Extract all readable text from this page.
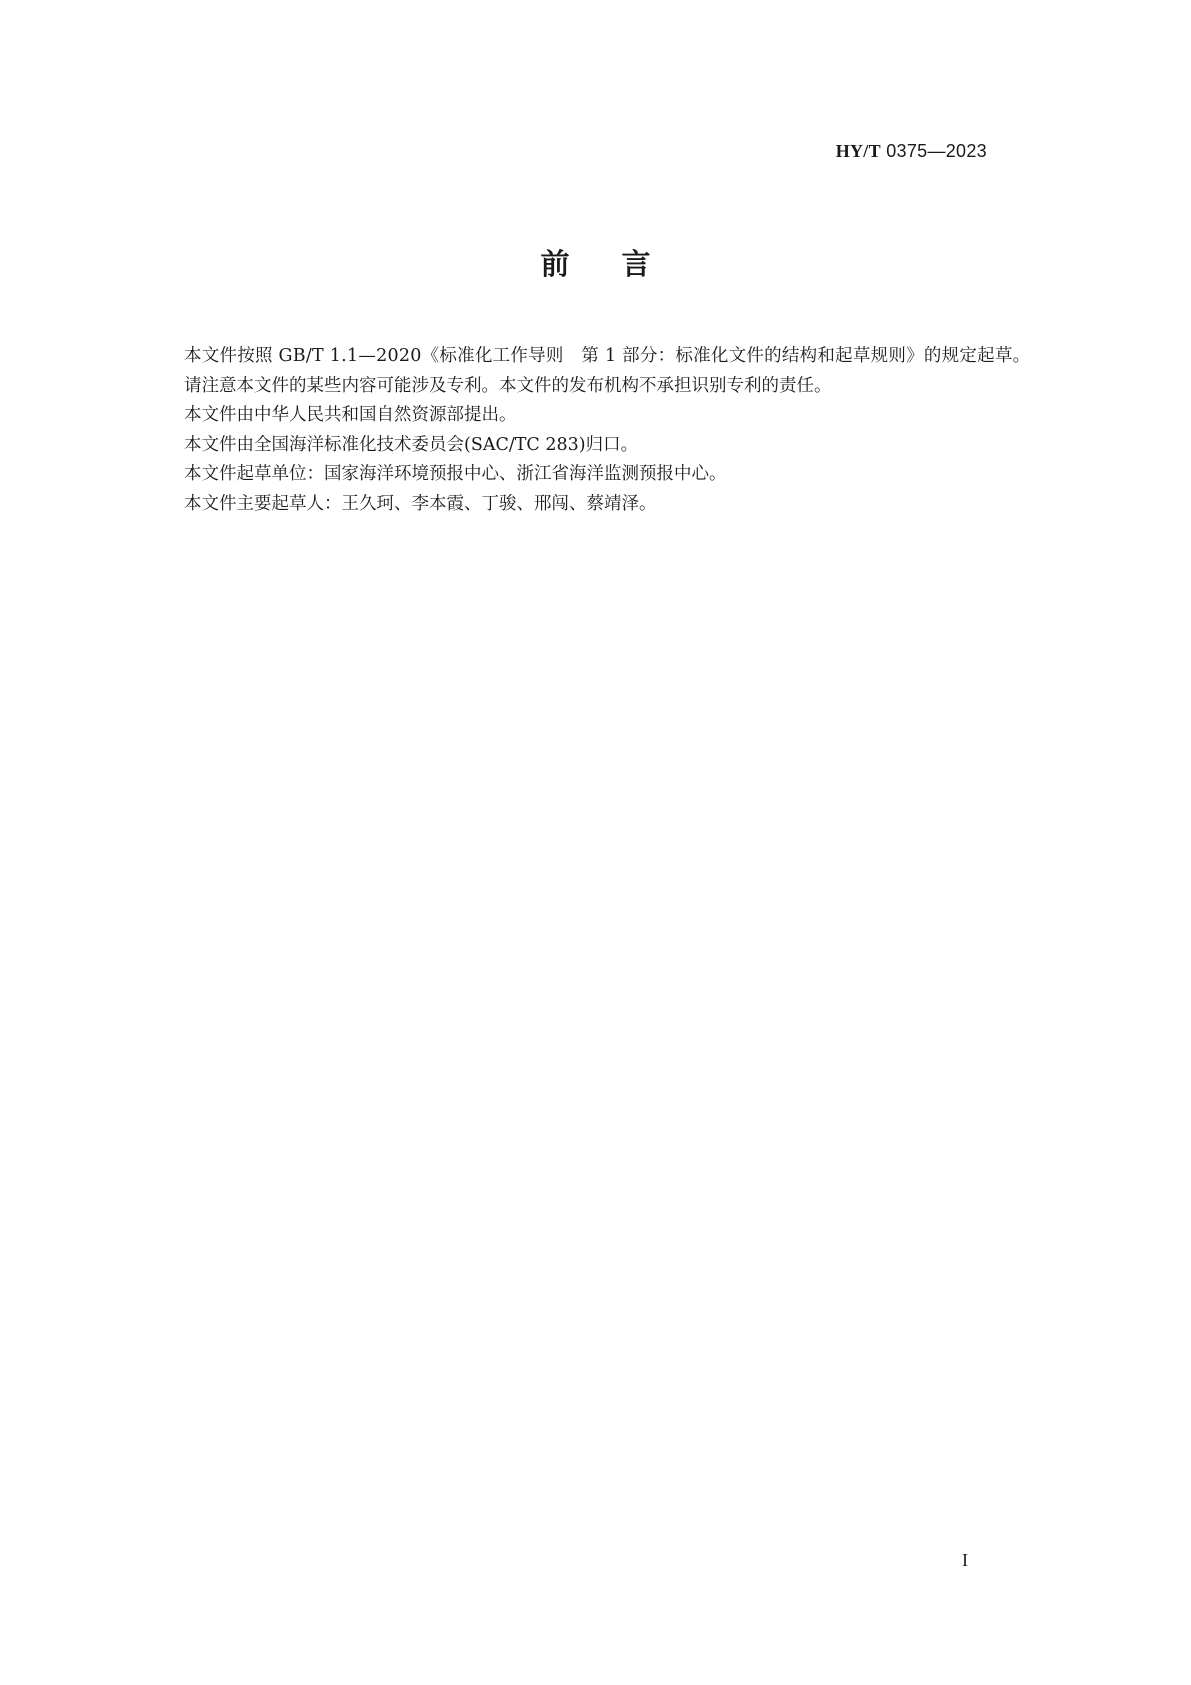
HY/T 0375—2023
前言

本文件按照 GB/T 1.1—2020《标准化工作导则　第 1 部分：标准化文件的结构和起草规则》的规定起草。

请注意本文件的某些内容可能涉及专利。本文件的发布机构不承担识别专利的责任。

本文件由中华人民共和国自然资源部提出。

本文件由全国海洋标准化技术委员会(SAC/TC 283)归口。

本文件起草单位：国家海洋环境预报中心、浙江省海洋监测预报中心。

本文件主要起草人：王久珂、李本霞、丁骏、邢闯、蔡靖泽。

I
